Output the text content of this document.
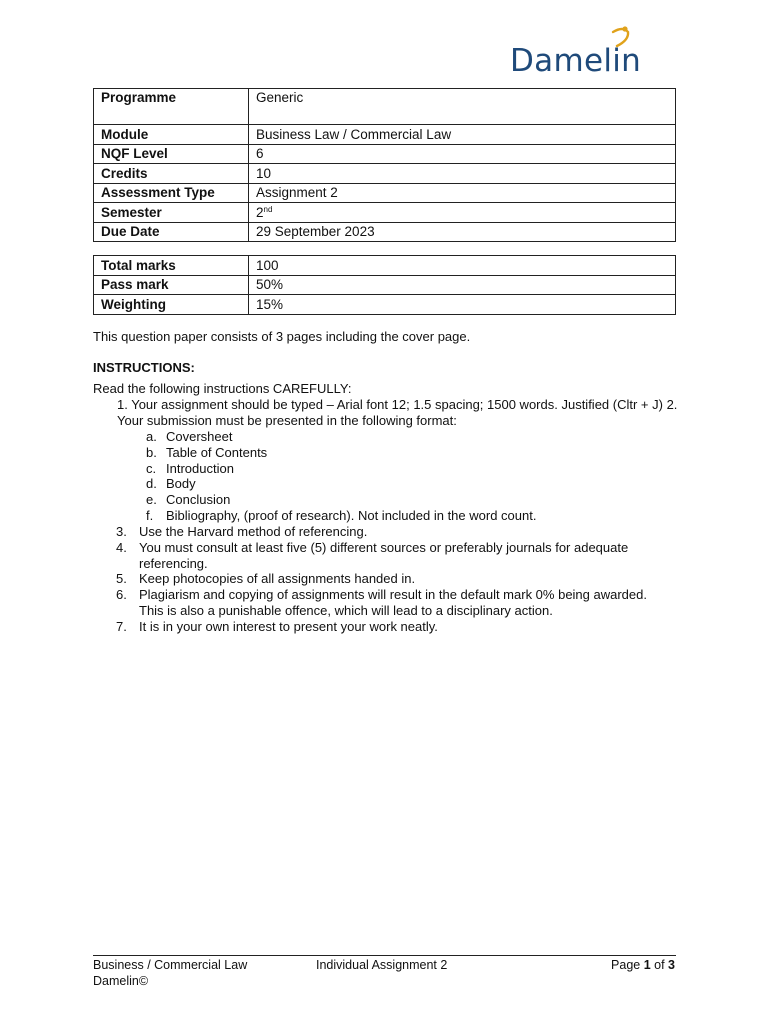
Damelin
Programme	Generic
Module	Business Law / Commercial Law
NQF Level	6
Credits	10
Assessment Type	Assignment 2
Semester	2nd
Due Date	29 September 2023
Total marks	100
Pass mark	50%
Weighting	15%
This question paper consists of 3 pages including the cover page.
INSTRUCTIONS:
Read the following instructions CAREFULLY:
1. Your assignment should be typed – Arial font 12; 1.5 spacing; 1500 words. Justified (Cltr + J) 2.
Your submission must be presented in the following format:
a. Coversheet
b. Table of Contents
c. Introduction
d. Body
e. Conclusion
f. Bibliography, (proof of research). Not included in the word count.
3. Use the Harvard method of referencing.
4. You must consult at least five (5) different sources or preferably journals for adequate
referencing.
5. Keep photocopies of all assignments handed in.
6. Plagiarism and copying of assignments will result in the default mark 0% being awarded.
This is also a punishable offence, which will lead to a disciplinary action.
7. It is in your own interest to present your work neatly.
Business / Commercial Law	Individual Assignment 2	Page 1 of 3
Damelin©
